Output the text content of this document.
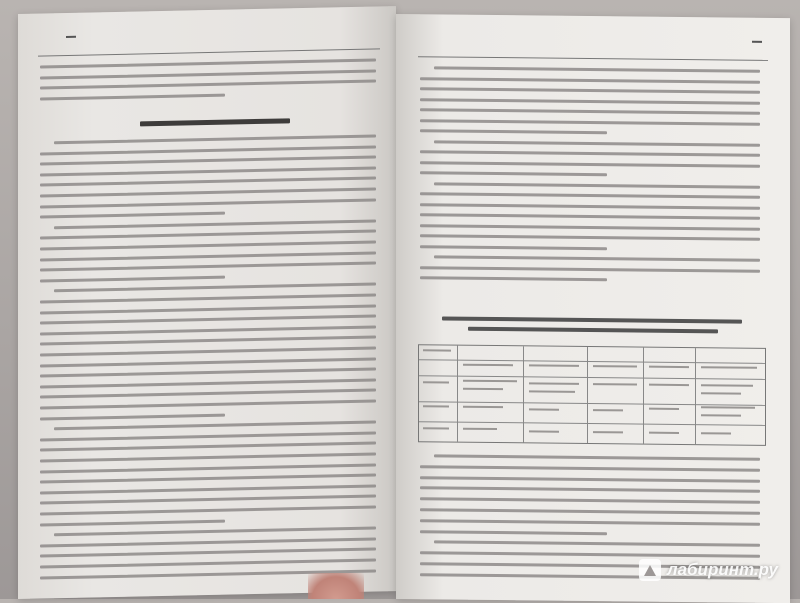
лабиринт.ру
